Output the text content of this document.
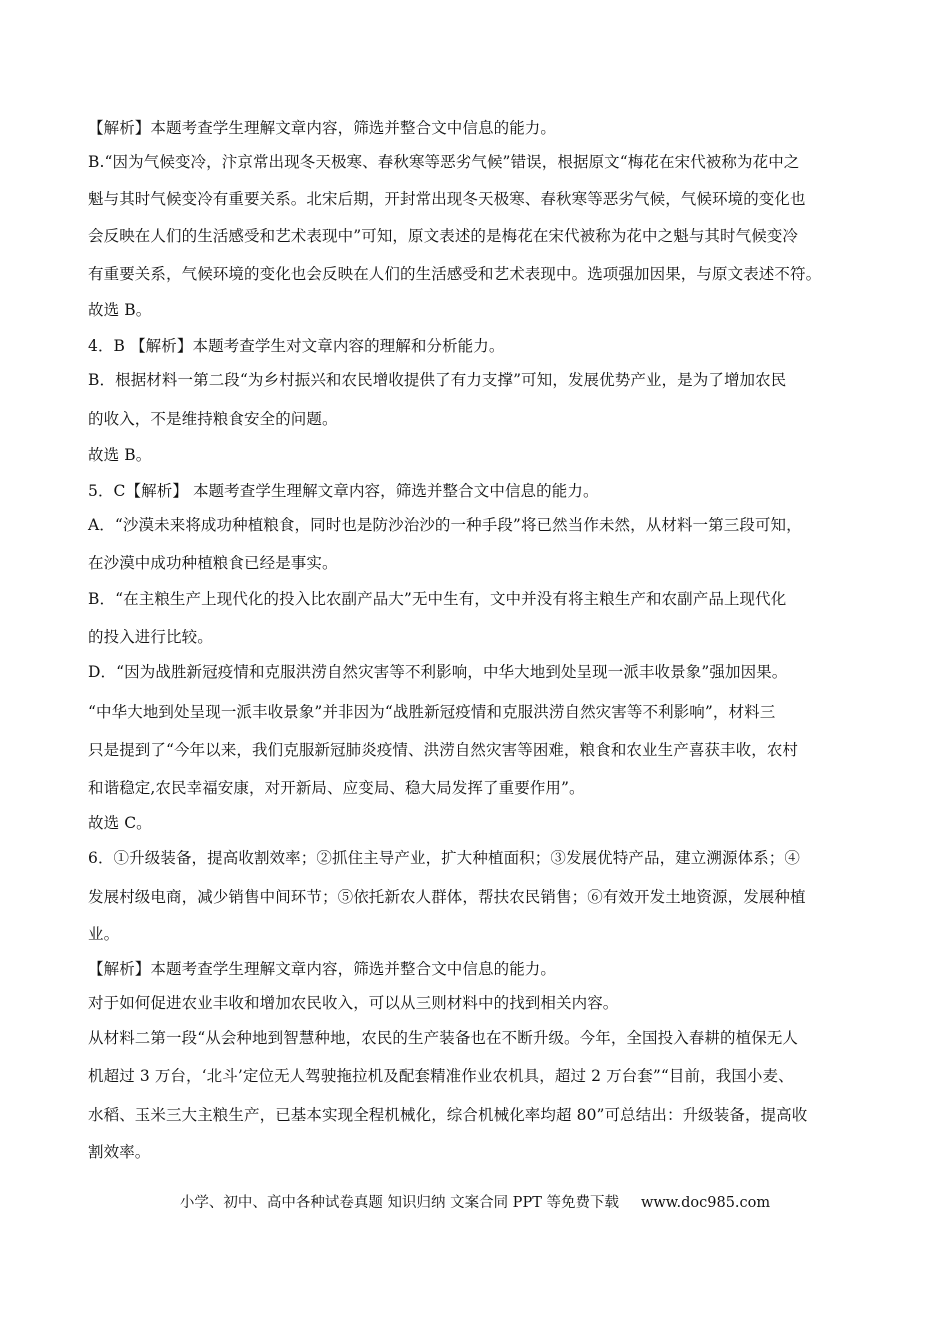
【解析】本题考查学生理解文章内容，筛选并整合文中信息的能力。
B.“因为气候变冷，汴京常出现冬天极寒、春秋寒等恶劣气候”错误，根据原文“梅花在宋代被称为花中之
魁与其时气候变冷有重要关系。北宋后期，开封常出现冬天极寒、春秋寒等恶劣气候，气候环境的变化也
会反映在人们的生活感受和艺术表现中”可知，原文表述的是梅花在宋代被称为花中之魁与其时气候变冷
有重要关系，气候环境的变化也会反映在人们的生活感受和艺术表现中。选项强加因果，与原文表述不符。
故选 B。
4．B 【解析】本题考查学生对文章内容的理解和分析能力。
B．根据材料一第二段“为乡村振兴和农民增收提供了有力支撑”可知，发展优势产业，是为了增加农民
的收入，不是维持粮食安全的问题。
故选 B。
5．C【解析】 本题考查学生理解文章内容，筛选并整合文中信息的能力。
A．“沙漠未来将成功种植粮食，同时也是防沙治沙的一种手段”将已然当作未然，从材料一第三段可知，
在沙漠中成功种植粮食已经是事实。
B．“在主粮生产上现代化的投入比农副产品大”无中生有，文中并没有将主粮生产和农副产品上现代化
的投入进行比较。
D．“因为战胜新冠疫情和克服洪涝自然灾害等不利影响，中华大地到处呈现一派丰收景象”强加因果。
“中华大地到处呈现一派丰收景象”并非因为“战胜新冠疫情和克服洪涝自然灾害等不利影响”，材料三
只是提到了“今年以来，我们克服新冠肺炎疫情、洪涝自然灾害等困难，粮食和农业生产喜获丰收，农村
和谐稳定,农民幸福安康，对开新局、应变局、稳大局发挥了重要作用”。
故选 C。
6．①升级装备，提高收割效率；②抓住主导产业，扩大种植面积；③发展优特产品，建立溯源体系；④
发展村级电商，减少销售中间环节；⑤依托新农人群体，帮扶农民销售；⑥有效开发土地资源，发展种植
业。
【解析】本题考查学生理解文章内容，筛选并整合文中信息的能力。
对于如何促进农业丰收和增加农民收入，可以从三则材料中的找到相关内容。
从材料二第一段“从会种地到智慧种地，农民的生产装备也在不断升级。今年，全国投入春耕的植保无人
机超过 3 万台，‘北斗’定位无人驾驶拖拉机及配套精准作业农机具，超过 2 万台套”“目前，我国小麦、
水稻、玉米三大主粮生产，已基本实现全程机械化，综合机械化率均超 80”可总结出：升级装备，提高收
割效率。
小学、初中、高中各种试卷真题 知识归纳 文案合同 PPT 等免费下载 www.doc985.com
